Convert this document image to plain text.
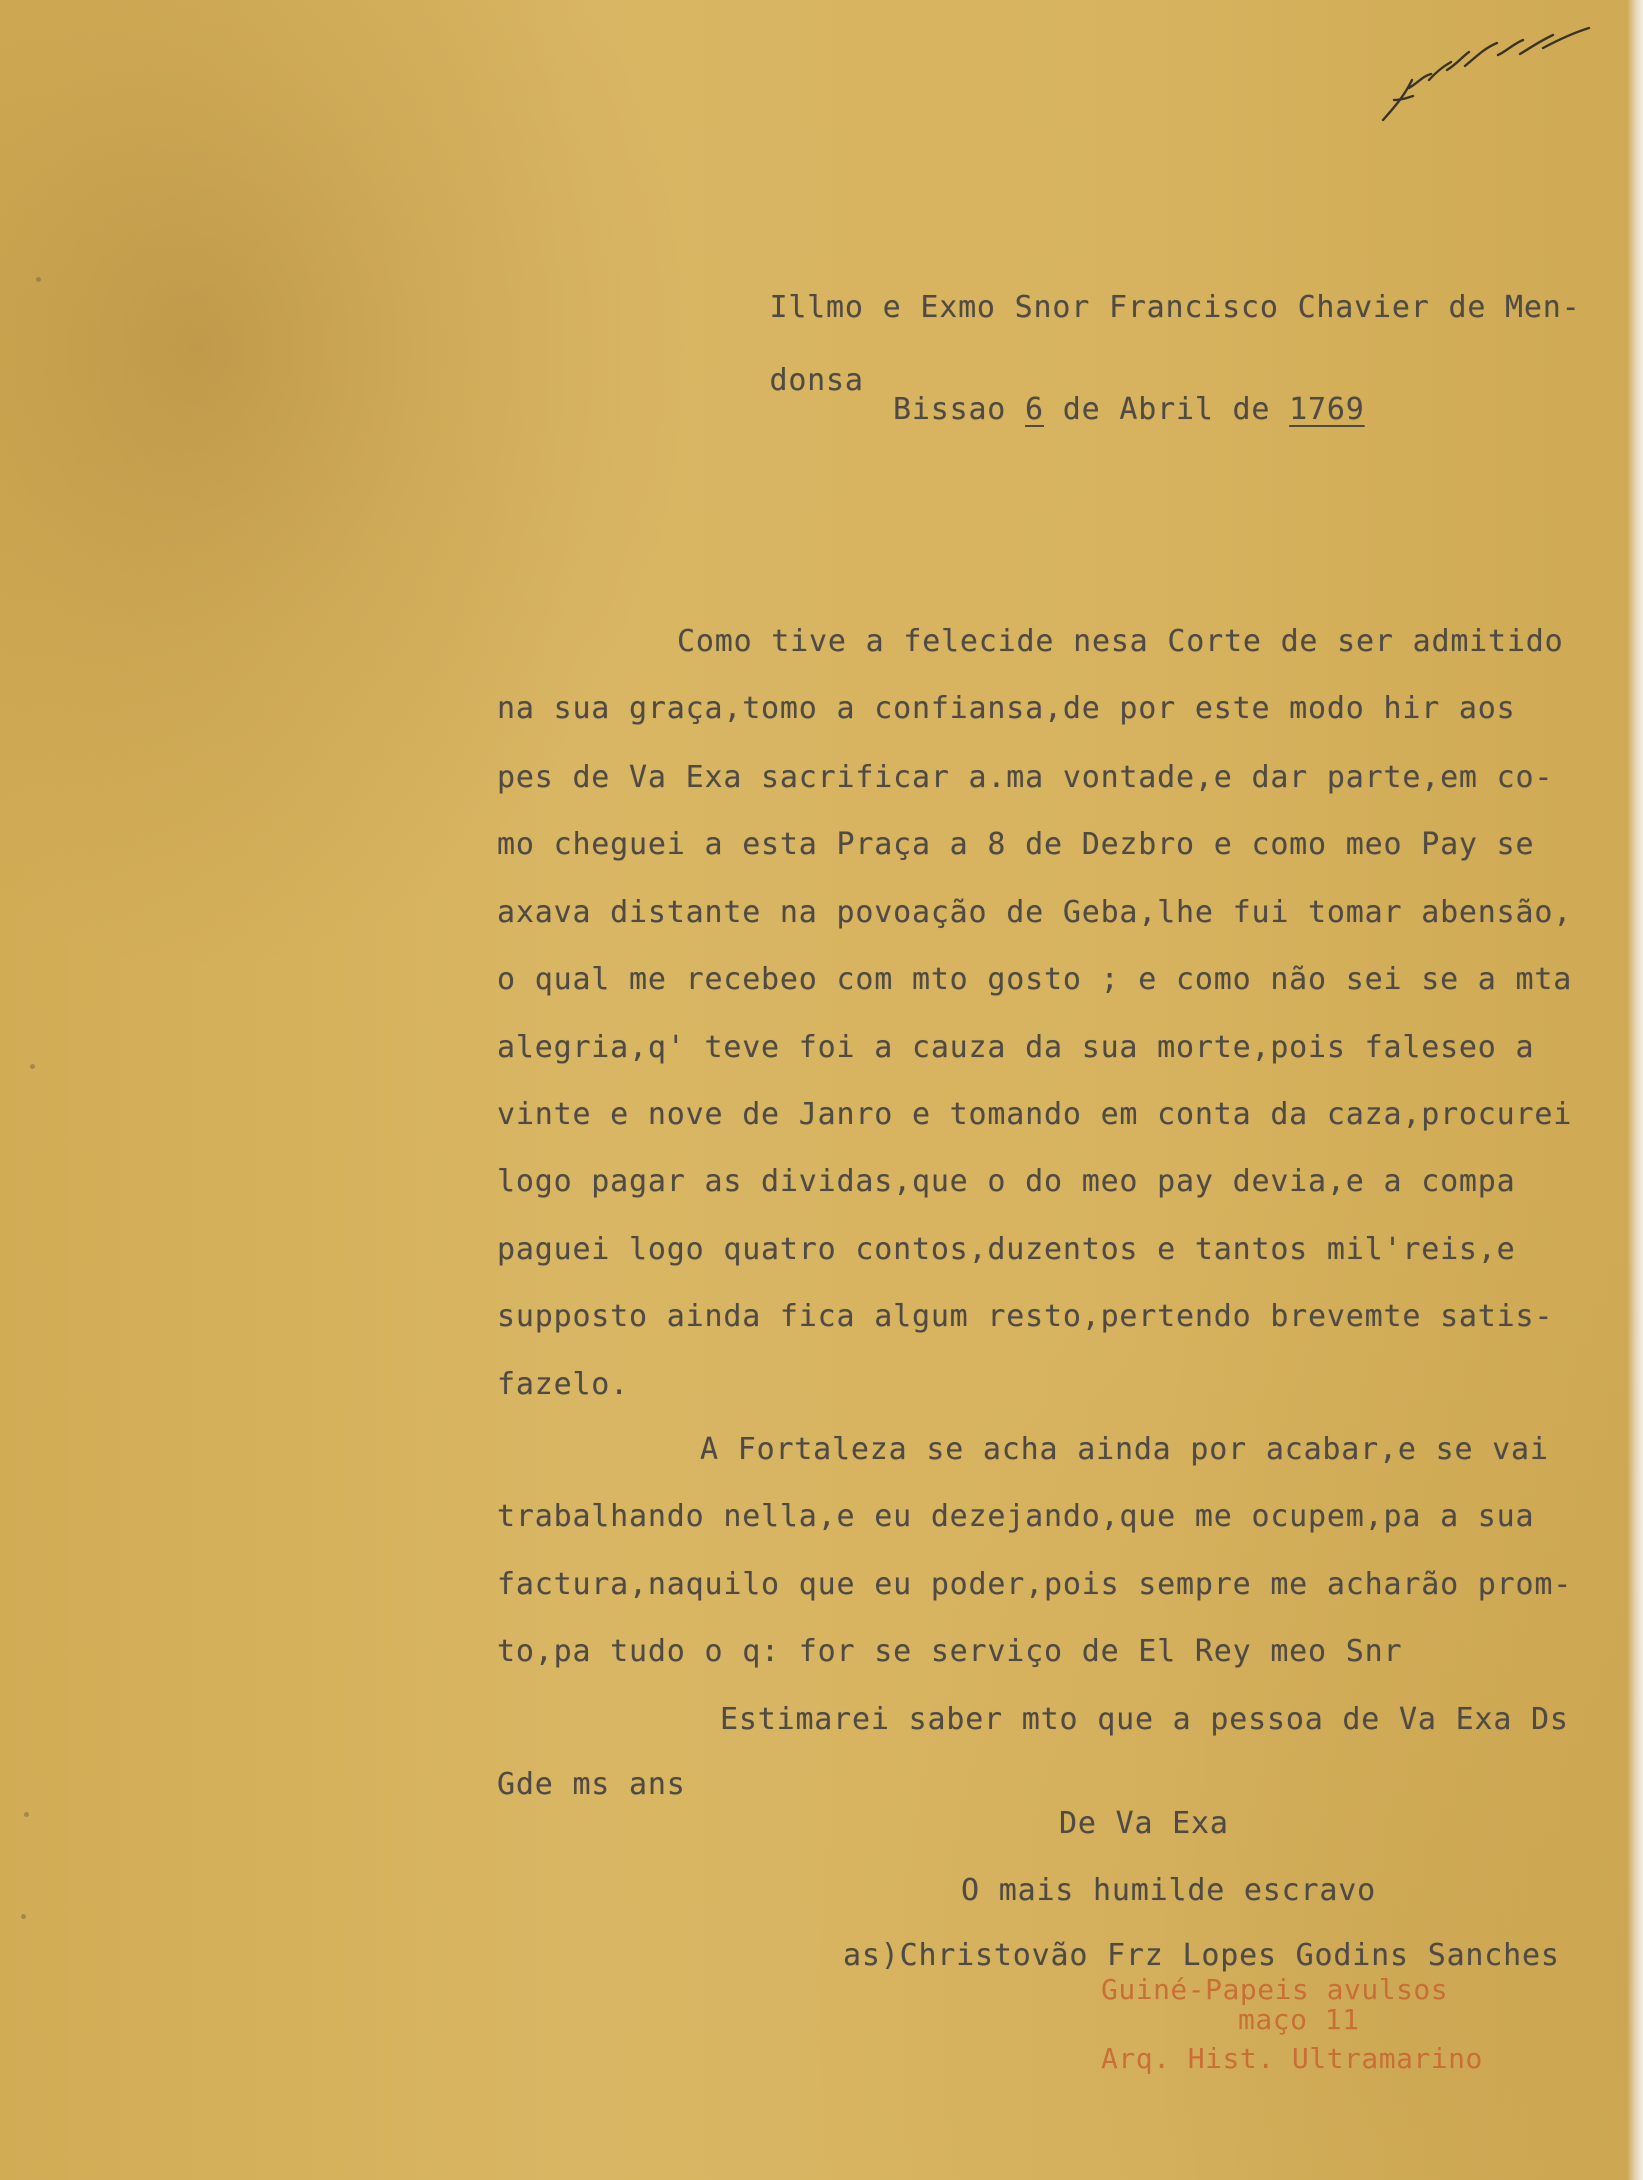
Illmo e Exmo Snor Francisco Chavier de Men-

donsa

Bissao 6 de Abril de 1769

Como tive a felecide nesa Corte de ser admitido

na sua graça,tomo a confiansa,de por este modo hir aos

pes de Va Exa sacrificar a.ma vontade,e dar parte,em co-

mo cheguei a esta Praça a 8 de Dezbro e como meo Pay se

axava distante na povoação de Geba,lhe fui tomar abensão,

o qual me recebeo com mto gosto ; e como não sei se a mta

alegria,q' teve foi a cauza da sua morte,pois faleseo a

vinte e nove de Janro e tomando em conta da caza,procurei

logo pagar as dividas,que o do meo pay devia,e a compa

paguei logo quatro contos,duzentos e tantos mil'reis,e

supposto ainda fica algum resto,pertendo brevemte satis-

fazelo.

A Fortaleza se acha ainda por acabar,e se vai

trabalhando nella,e eu dezejando,que me ocupem,pa a sua

factura,naquilo que eu poder,pois sempre me acharão prom-

to,pa tudo o q: for se serviço de El Rey meo Snr

Estimarei saber mto que a pessoa de Va Exa Ds

Gde ms ans

De Va Exa

O mais humilde escravo

as)Christovão Frz Lopes Godins Sanches

Guiné-Papeis avulsos

maço 11

Arq. Hist. Ultramarino
